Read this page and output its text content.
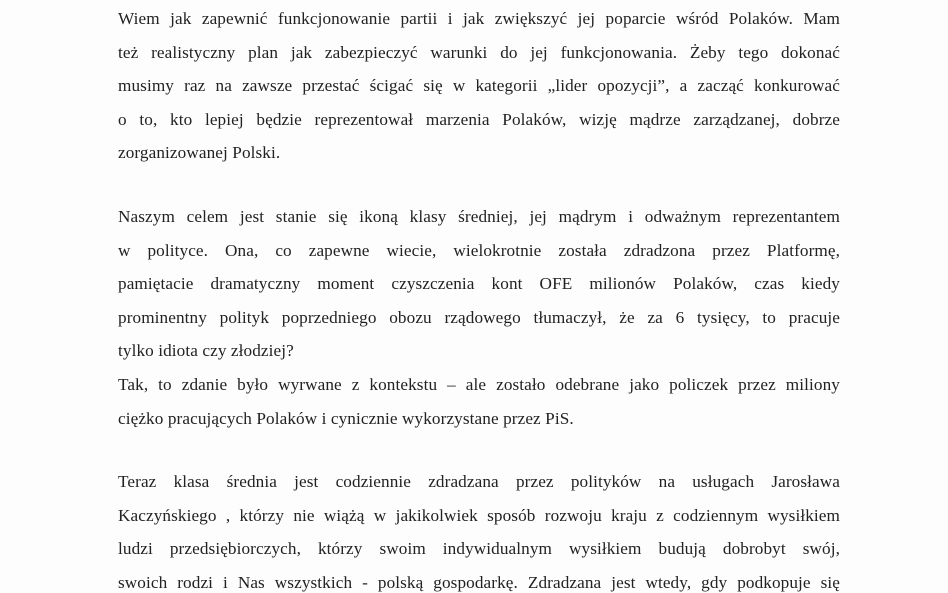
Wiem jak zapewnić funkcjonowanie partii i jak zwiększyć jej poparcie wśród Polaków. Mam
też realistyczny plan jak zabezpieczyć warunki do jej funkcjonowania. Żeby tego dokonać
musimy raz na zawsze przestać ścigać się w kategorii „lider opozycji”, a zacząć konkurować
o to, kto lepiej będzie reprezentował marzenia Polaków, wizję mądrze zarządzanej, dobrze
zorganizowanej Polski.
Naszym celem jest stanie się ikoną klasy średniej, jej mądrym i odważnym reprezentantem
w polityce. Ona, co zapewne wiecie, wielokrotnie została zdradzona przez Platformę,
pamiętacie dramatyczny moment czyszczenia kont OFE milionów Polaków, czas kiedy
prominentny polityk poprzedniego obozu rządowego tłumaczył, że za 6 tysięcy, to pracuje
tylko idiota czy złodziej?
Tak, to zdanie było wyrwane z kontekstu – ale zostało odebrane jako policzek przez miliony
ciężko pracujących Polaków i cynicznie wykorzystane przez PiS.
Teraz klasa średnia jest codziennie zdradzana przez polityków na usługach Jarosława
Kaczyńskiego , którzy nie wiążą w jakikolwiek sposób rozwoju kraju z codziennym wysiłkiem
ludzi przedsiębiorczych, którzy swoim indywidualnym wysiłkiem budują dobrobyt swój,
swoich rodzi i Nas wszystkich - polską gospodarkę. Zdradzana jest wtedy, gdy podkopuje się
